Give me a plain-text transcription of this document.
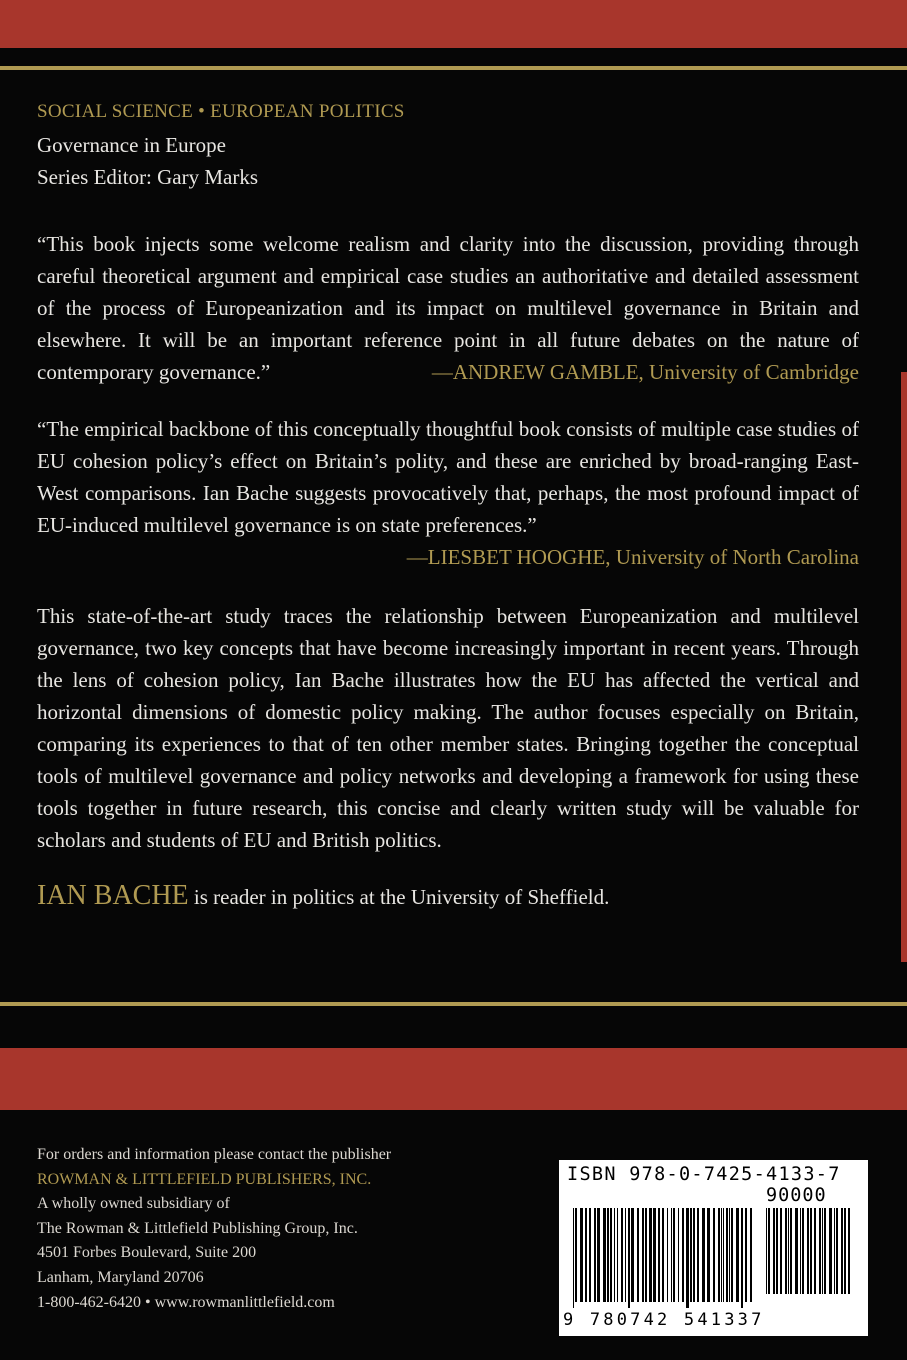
SOCIAL SCIENCE • EUROPEAN POLITICS
Governance in Europe
Series Editor: Gary Marks
“This book injects some welcome realism and clarity into the discussion, providing through careful theoretical argument and empirical case studies an authoritative and detailed assessment of the process of Europeanization and its impact on multilevel governance in Britain and elsewhere. It will be an important reference point in all future debates on the nature of contemporary governance.”	—ANDREW GAMBLE, University of Cambridge
“The empirical backbone of this conceptually thoughtful book consists of multiple case studies of EU cohesion policy’s effect on Britain’s polity, and these are enriched by broad-ranging East-West comparisons. Ian Bache suggests provocatively that, perhaps, the most profound impact of EU-induced multilevel governance is on state preferences.”
—LIESBET HOOGHE, University of North Carolina

This state-of-the-art study traces the relationship between Europeanization and multilevel governance, two key concepts that have become increasingly important in recent years. Through the lens of cohesion policy, Ian Bache illustrates how the EU has affected the vertical and horizontal dimensions of domestic policy making. The author focuses especially on Britain, comparing its experiences to that of ten other member states. Bringing together the conceptual tools of multilevel governance and policy networks and developing a framework for using these tools together in future research, this concise and clearly written study will be valuable for scholars and students of EU and British politics.

IAN BACHE is reader in politics at the University of Sheffield.
For orders and information please contact the publisher
ROWMAN & LITTLEFIELD PUBLISHERS, INC.
A wholly owned subsidiary of
The Rowman & Littlefield Publishing Group, Inc.
4501 Forbes Boulevard, Suite 200
Lanham, Maryland 20706
1-800-462-6420 • www.rowmanlittlefield.com
ISBN 978-0-7425-4133-7
90000
9 780742 541337
